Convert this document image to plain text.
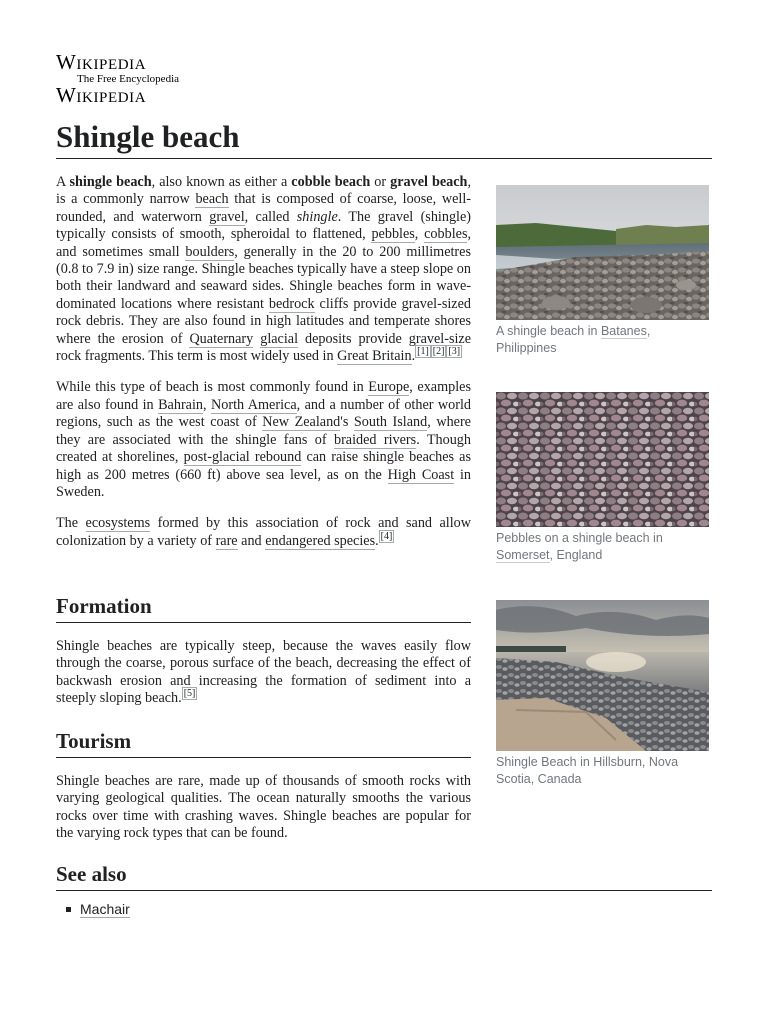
Wikipedia
The Free Encyclopedia
Wikipedia
Shingle beach

A shingle beach, also known as either a cobble beach or gravel beach, is a commonly narrow beach that is composed of coarse, loose, well-rounded, and waterworn gravel, called shingle. The gravel (shingle) typically consists of smooth, spheroidal to flattened, pebbles, cobbles, and sometimes small boulders, generally in the 20 to 200 millimetres (0.8 to 7.9 in) size range. Shingle beaches typically have a steep slope on both their landward and seaward sides. Shingle beaches form in wave-dominated locations where resistant bedrock cliffs provide gravel-sized rock debris. They are also found in high latitudes and temperate shores where the erosion of Quaternary glacial deposits provide gravel-size rock fragments. This term is most widely used in Great Britain. [1] [2] [3]

While this type of beach is most commonly found in Europe, examples are also found in Bahrain, North America, and a number of other world regions, such as the west coast of New Zealand's South Island, where they are associated with the shingle fans of braided rivers. Though created at shorelines, post-glacial rebound can raise shingle beaches as high as 200 metres (660 ft) above sea level, as on the High Coast in Sweden.

The ecosystems formed by this association of rock and sand allow colonization by a variety of rare and endangered species. [4]

Formation

Shingle beaches are typically steep, because the waves easily flow through the coarse, porous surface of the beach, decreasing the effect of backwash erosion and increasing the formation of sediment into a steeply sloping beach. [5]

Tourism

Shingle beaches are rare, made up of thousands of smooth rocks with varying geological qualities. The ocean naturally smooths the various rocks over time with crashing waves. Shingle beaches are popular for the varying rock types that can be found.

See also
Machair
A shingle beach in Batanes, Philippines
Pebbles on a shingle beach in Somerset, England
Shingle Beach in Hillsburn, Nova Scotia, Canada
